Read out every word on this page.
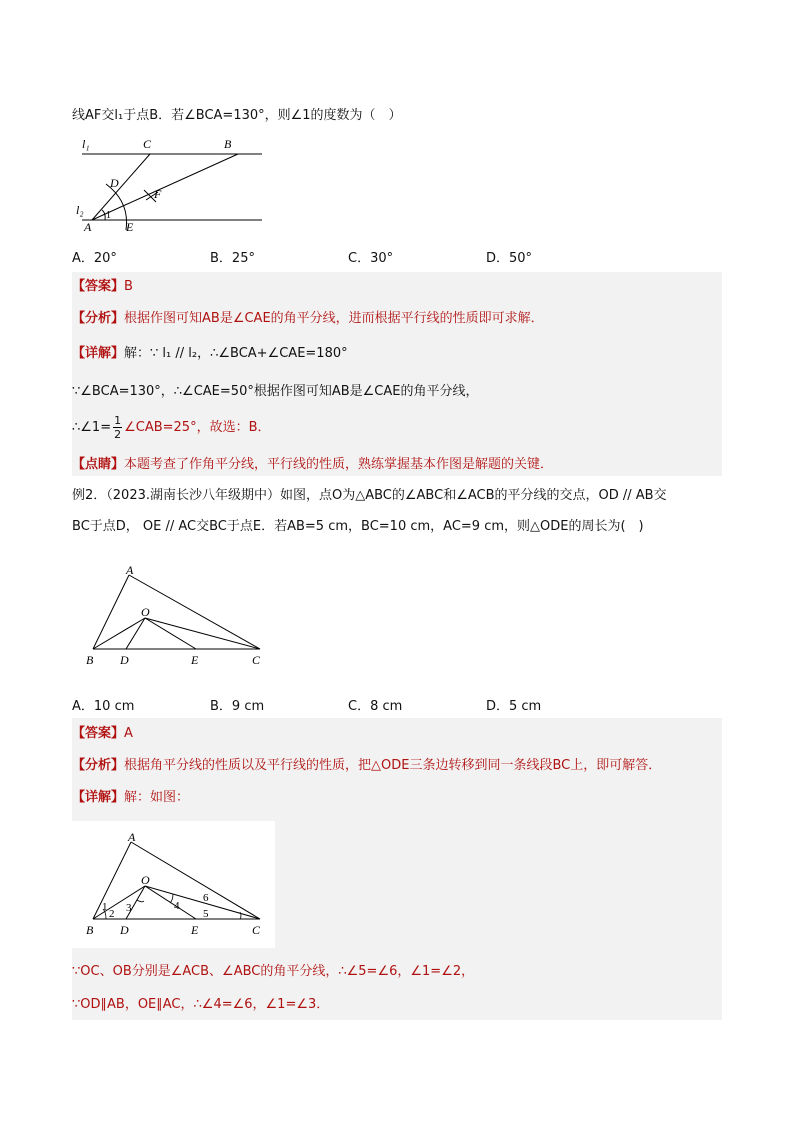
线AF交l₁于点B．若∠BCA=130°，则∠1的度数为（　）
l₁
l₂
C	B
D
F
1
A	E
A．20°	B．25°	C．30°	D．50°
【答案】B
【分析】根据作图可知AB是∠CAE的角平分线，进而根据平行线的性质即可求解．
【详解】解：∵ l₁ // l₂，∴∠BCA+∠CAE=180°
∵∠BCA=130°，∴∠CAE=50°根据作图可知AB是∠CAE的角平分线，
∴∠1= $\frac{1}{2}$ ∠CAB=25°，故选：B．
【点睛】本题考查了作角平分线，平行线的性质，熟练掌握基本作图是解题的关键．
例2．（2023.湖南长沙八年级期中）如图，点O为△ABC的∠ABC和∠ACB的平分线的交点，OD // AB交
BC于点D， OE // AC交BC于点E．若AB=5 cm，BC=10 cm，AC=9 cm，则△ODE的周长为(　)
A
O
B D	E	C
A．10 cm	B．9 cm	C．8 cm	D．5 cm
【答案】A
【分析】根据角平分线的性质以及平行线的性质，把△ODE三条边转移到同一条线段BC上，即可解答．
【详解】解：如图：
A
O
B D	E	C
1
2 3	4
5
6
∵OC、OB分别是∠ACB、∠ABC的角平分线，∴∠5=∠6，∠1=∠2，
∵OD∥AB，OE∥AC，∴∠4=∠6，∠1=∠3．
